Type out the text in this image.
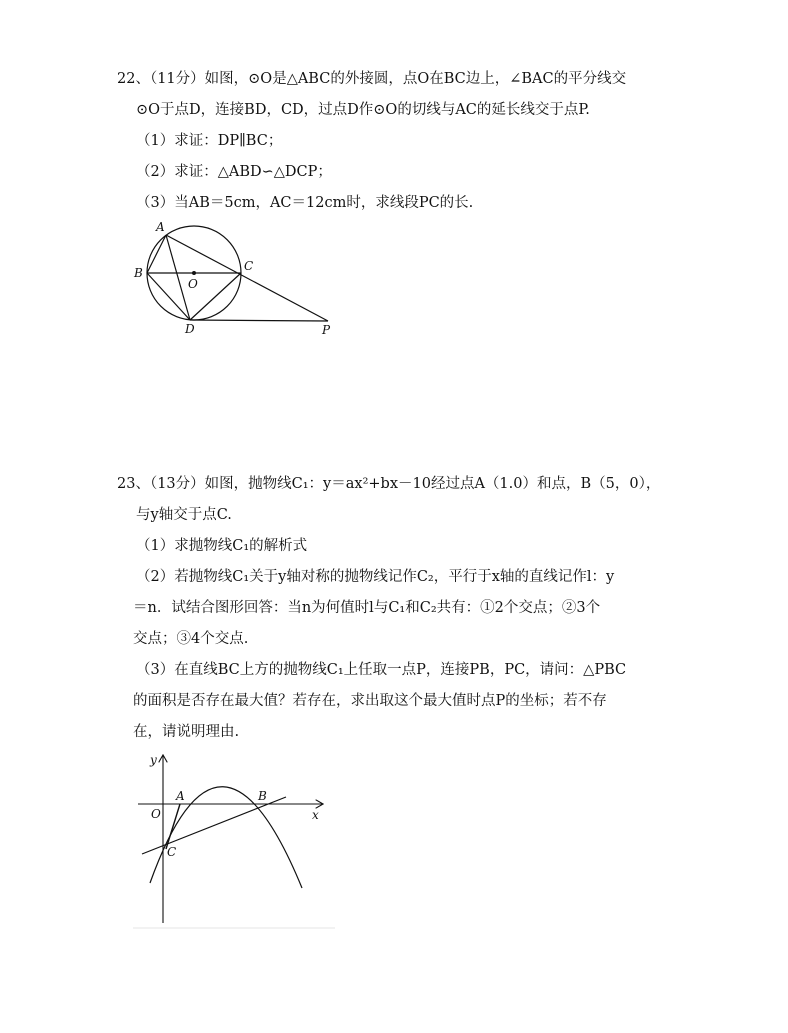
22、（11分）如图，⊙O是△ABC的外接圆，点O在BC边上，∠BAC的平分线交
⊙O于点D，连接BD，CD，过点D作⊙O的切线与AC的延长线交于点P.
（1）求证：DP∥BC；
（2）求证：△ABD∽△DCP；
（3）当AB＝5cm，AC＝12cm时，求线段PC的长.
A
B	C
O
D	P
23、（13分）如图，抛物线C₁：y＝ax²+bx－10经过点A（1.0）和点，B（5，0），
与y轴交于点C.
（1）求抛物线C₁的解析式
（2）若抛物线C₁关于y轴对称的抛物线记作C₂，平行于x轴的直线记作l：y
＝n．试结合图形回答：当n为何值时l与C₁和C₂共有：①2个交点；②3个
交点；③4个交点.
（3）在直线BC上方的抛物线C₁上任取一点P，连接PB，PC，请问：△PBC
的面积是否存在最大值？若存在，求出取这个最大值时点P的坐标；若不存
在，请说明理由.
y
x
O
A	B
C
